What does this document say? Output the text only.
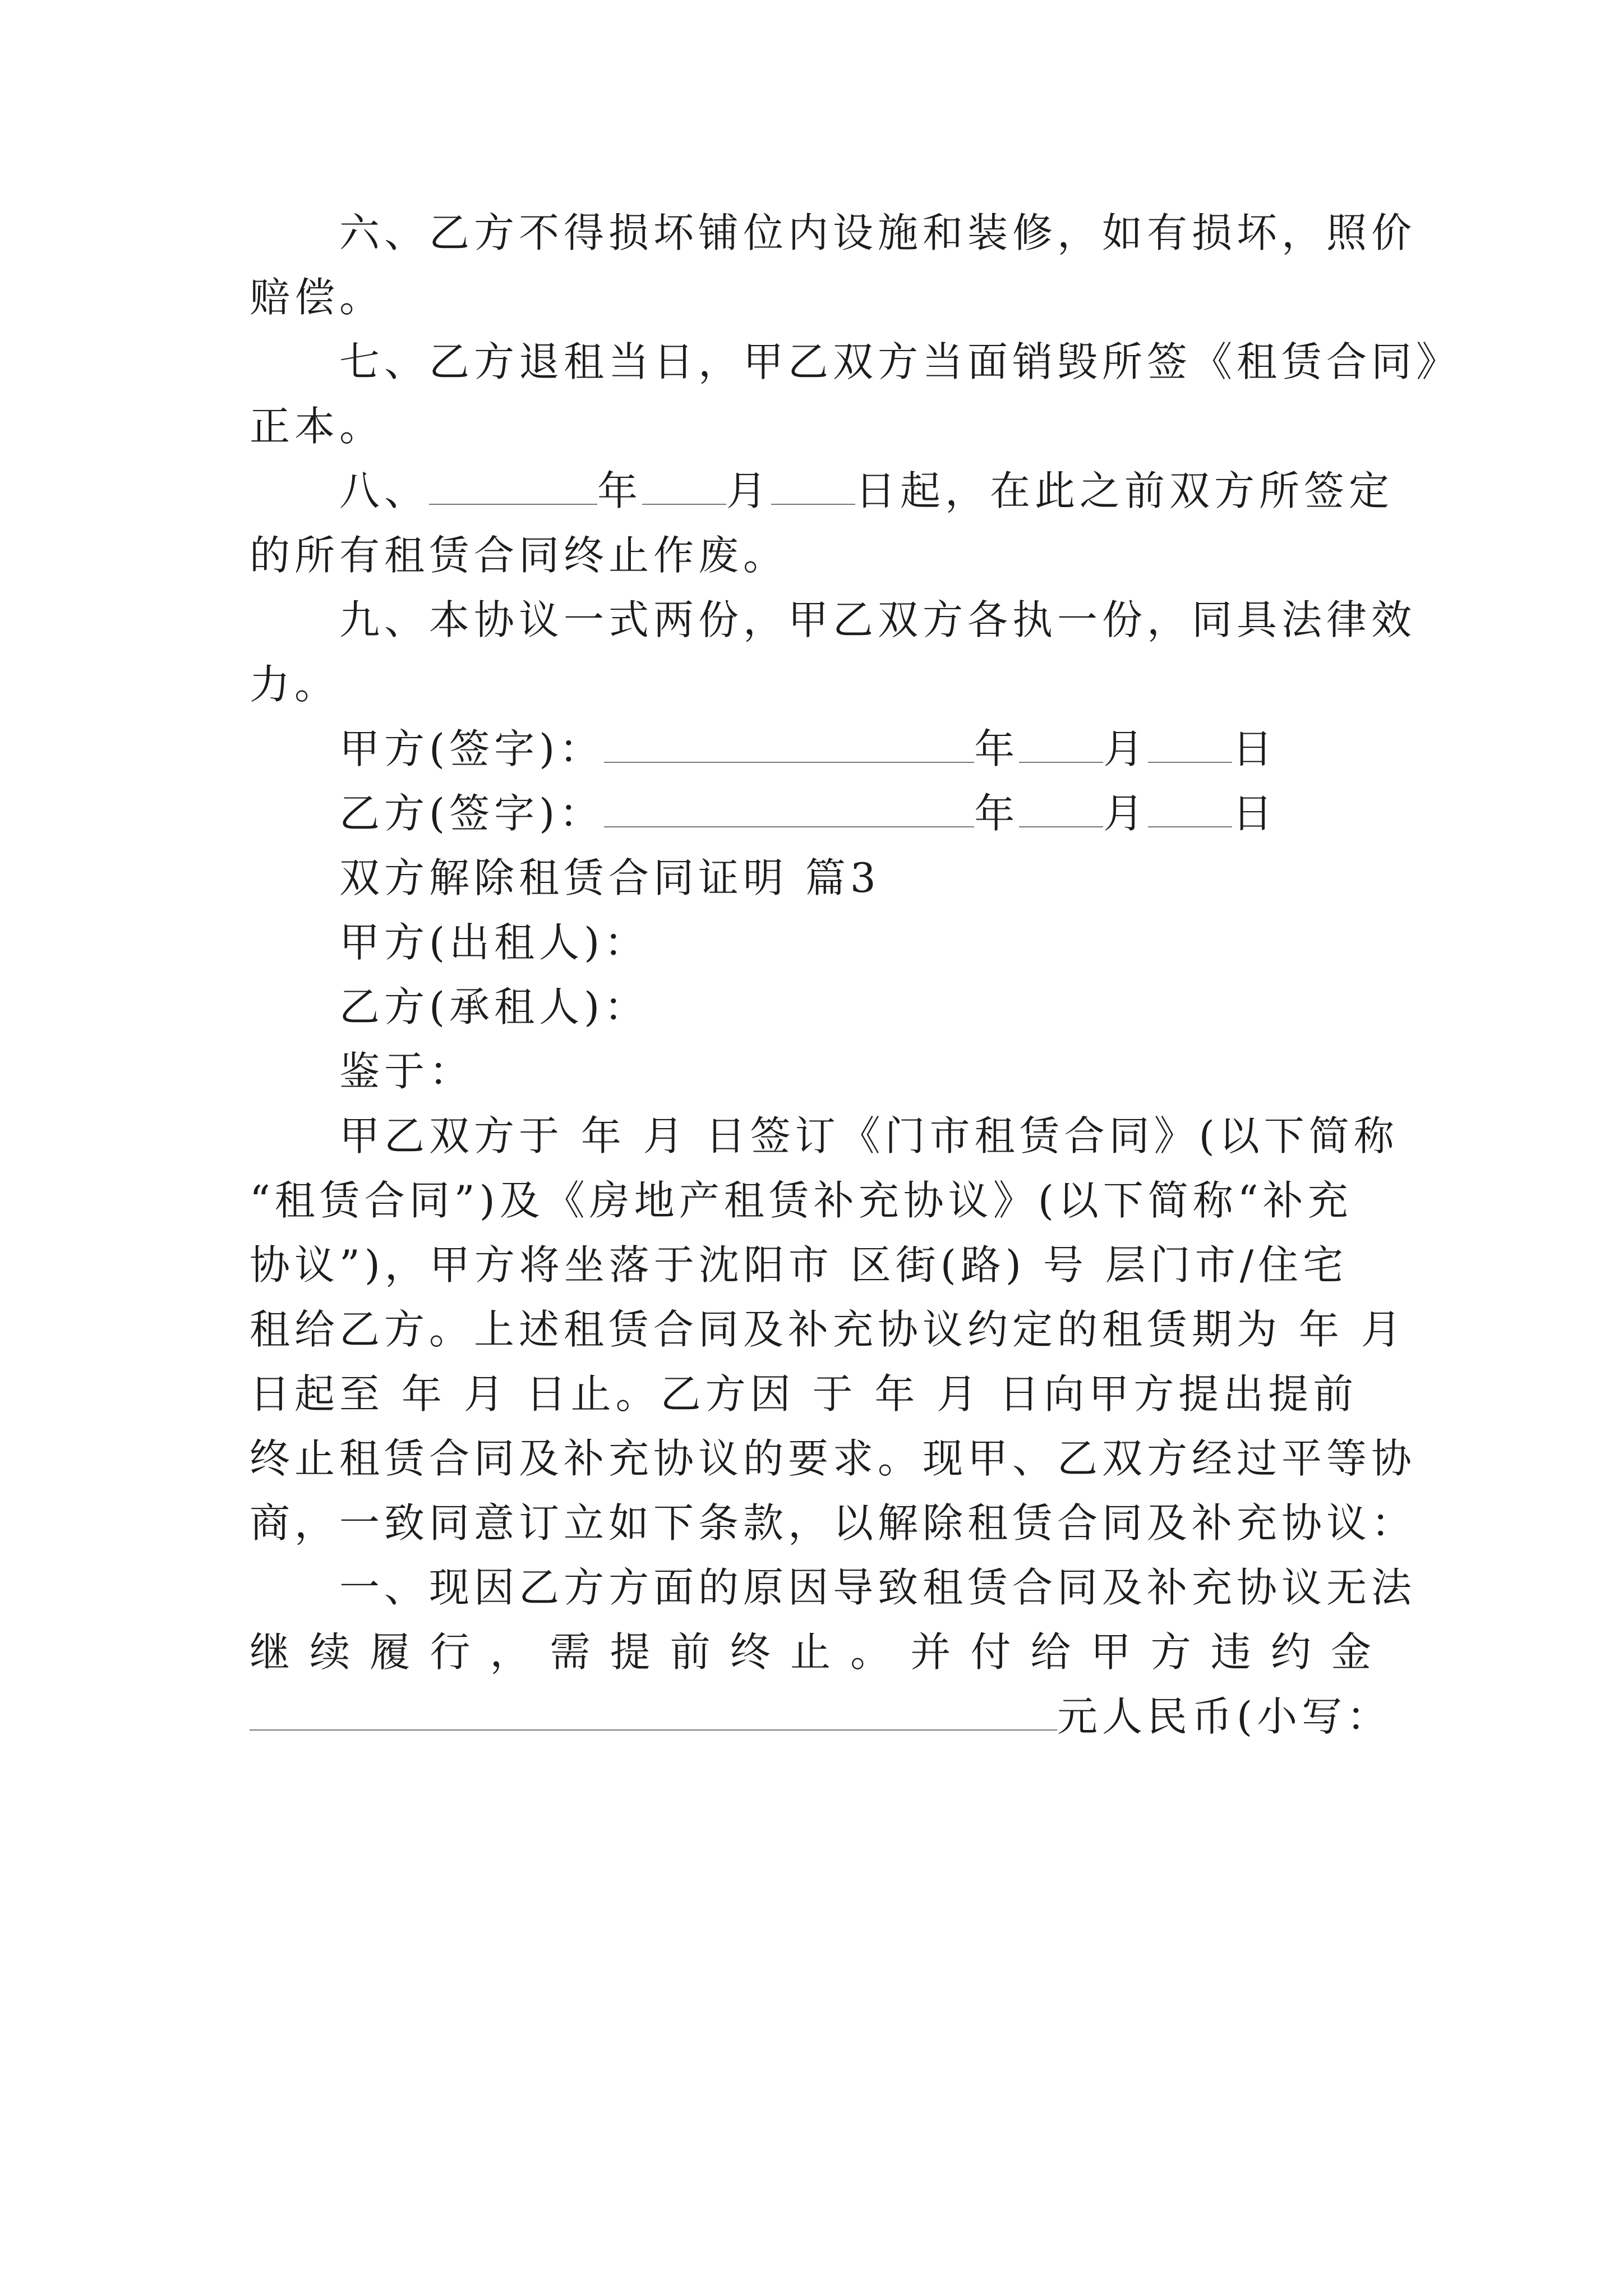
六、乙方不得损坏铺位内设施和装修，如有损坏，照价
赔偿。
七、乙方退租当日，甲乙双方当面销毁所签《租赁合同》
正本。
八、	年 月 日起，在此之前双方所签定
的所有租赁合同终止作废。
九、本协议一式两份，甲乙双方各执一份，同具法律效
力。
甲方(签字)：	年 月 日
乙方(签字)：	年 月 日
双方解除租赁合同证明 篇3
甲方(出租人)：
乙方(承租人)：
鉴于：
甲乙双方于 年 月 日签订《门市租赁合同》(以下简称
“租赁合同”)及《房地产租赁补充协议》(以下简称“补充
协议”)，甲方将坐落于沈阳市 区街(路) 号 层门市/住宅
租给乙方。上述租赁合同及补充协议约定的租赁期为 年 月
日起至 年 月 日止。乙方因 于 年 月 日向甲方提出提前
终止租赁合同及补充协议的要求。现甲、乙双方经过平等协
商，一致同意订立如下条款，以解除租赁合同及补充协议：
一、现因乙方方面的原因导致租赁合同及补充协议无法
继续履行，需提前终止。并付给甲方违约金
元人民币(小写：
